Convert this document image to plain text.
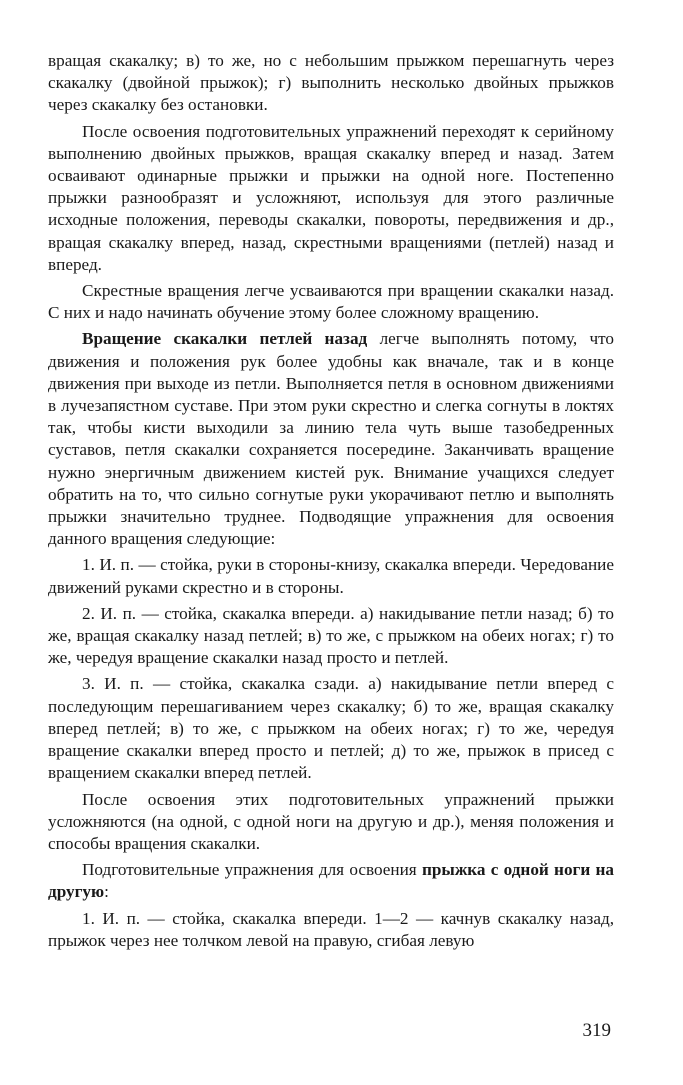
вращая скакалку; в) то же, но с небольшим прыжком перешагнуть через скакалку (двойной прыжок); г) выполнить несколько двойных прыжков через скакалку без остановки.

После освоения подготовительных упражнений переходят к серийному выполнению двойных прыжков, вращая скакалку вперед и назад. Затем осваивают одинарные прыжки и прыжки на одной ноге. Постепенно прыжки разнообразят и усложняют, используя для этого различные исходные положения, переводы скакалки, повороты, передвижения и др., вращая скакалку вперед, назад, скрестными вращениями (петлей) назад и вперед.

Скрестные вращения легче усваиваются при вращении скакалки назад. С них и надо начинать обучение этому более сложному вращению.

Вращение скакалки петлей назад легче выполнять потому, что движения и положения рук более удобны как вначале, так и в конце движения при выходе из петли. Выполняется петля в основном движениями в лучезапястном суставе. При этом руки скрестно и слегка согнуты в локтях так, чтобы кисти выходили за линию тела чуть выше тазобедренных суставов, петля скакалки сохраняется посередине. Заканчивать вращение нужно энергичным движением кистей рук. Внимание учащихся следует обратить на то, что сильно согнутые руки укорачивают петлю и выполнять прыжки значительно труднее. Подводящие упражнения для освоения данного вращения следующие:

1. И. п. — стойка, руки в стороны-книзу, скакалка впереди. Чередование движений руками скрестно и в стороны.

2. И. п. — стойка, скакалка впереди. а) накидывание петли назад; б) то же, вращая скакалку назад петлей; в) то же, с прыжком на обеих ногах; г) то же, чередуя вращение скакалки назад просто и петлей.

3. И. п. — стойка, скакалка сзади. а) накидывание петли вперед с последующим перешагиванием через скакалку; б) то же, вращая скакалку вперед петлей; в) то же, с прыжком на обеих ногах; г) то же, чередуя вращение скакалки вперед просто и петлей; д) то же, прыжок в присед с вращением скакалки вперед петлей.

После освоения этих подготовительных упражнений прыжки усложняются (на одной, с одной ноги на другую и др.), меняя положения и способы вращения скакалки.

Подготовительные упражнения для освоения прыжка с одной ноги на другую:

1. И. п. — стойка, скакалка впереди. 1—2 — качнув скакалку назад, прыжок через нее толчком левой на правую, сгибая левую

319
